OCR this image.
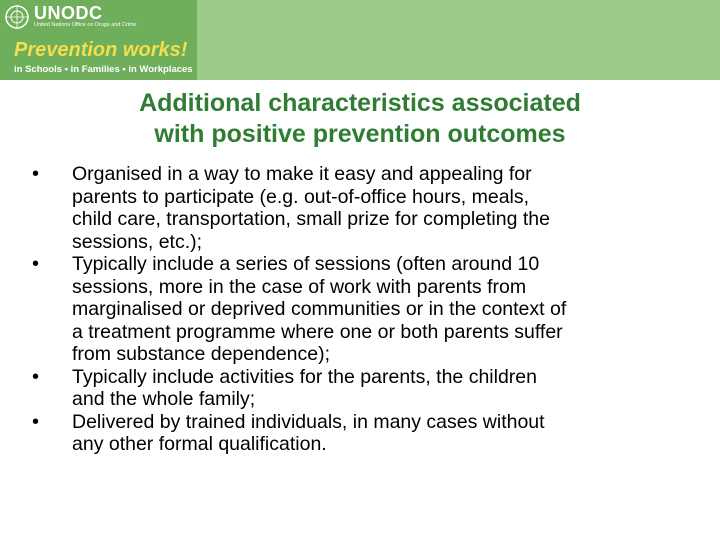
UNODC
United Nations Office on Drugs and Crime
Prevention works!
in Schools • in Families • in Workplaces
Additional characteristics associated
with positive prevention outcomes
• Organised in a way to make it easy and appealing for
parents to participate (e.g. out-of-office hours, meals,
child care, transportation, small prize for completing the
sessions, etc.);
• Typically include a series of sessions (often around 10
sessions, more in the case of work with parents from
marginalised or deprived communities or in the context of
a treatment programme where one or both parents suffer
from substance dependence);
• Typically include activities for the parents, the children
and the whole family;
• Delivered by trained individuals, in many cases without
any other formal qualification.
